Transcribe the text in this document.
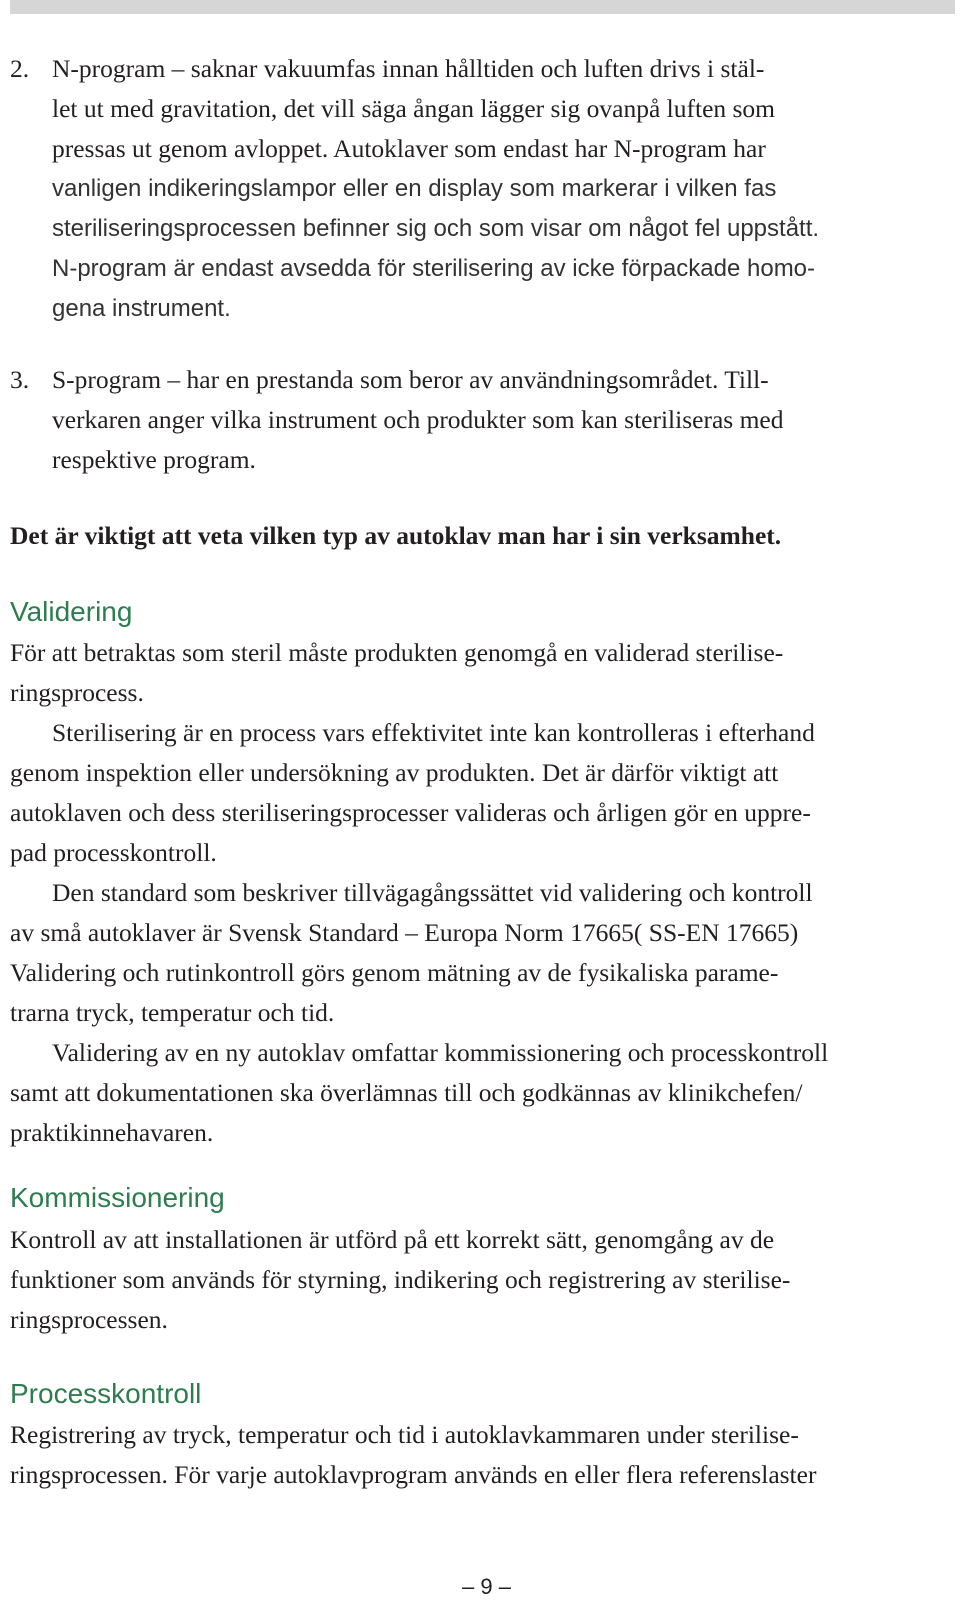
2. N-program – saknar vakuumfas innan hålltiden och luften drivs i stäl-
let ut med gravitation, det vill säga ångan lägger sig ovanpå luften som
pressas ut genom avloppet. Autoklaver som endast har N-program har
vanligen indikeringslampor eller en display som markerar i vilken fas
steriliseringsprocessen befinner sig och som visar om något fel uppstått.
N-program är endast avsedda för sterilisering av icke förpackade homo-
gena instrument.
3. S-program – har en prestanda som beror av användningsområdet. Till-
verkaren anger vilka instrument och produkter som kan steriliseras med
respektive program.
Det är viktigt att veta vilken typ av autoklav man har i sin verksamhet.
Validering
För att betraktas som steril måste produkten genomgå en validerad sterilise-
ringsprocess.
Sterilisering är en process vars effektivitet inte kan kontrolleras i efterhand
genom inspektion eller undersökning av produkten. Det är därför viktigt att
autoklaven och dess steriliseringsprocesser valideras och årligen gör en uppre-
pad processkontroll.
Den standard som beskriver tillvägagångssättet vid validering och kontroll
av små autoklaver är Svensk Standard – Europa Norm 17665( SS-EN 17665)
Validering och rutinkontroll görs genom mätning av de fysikaliska parame-
trarna tryck, temperatur och tid.
Validering av en ny autoklav omfattar kommissionering och processkontroll
samt att dokumentationen ska överlämnas till och godkännas av klinikchefen/
praktikinnehavaren.
Kommissionering
Kontroll av att installationen är utförd på ett korrekt sätt, genomgång av de
funktioner som används för styrning, indikering och registrering av sterilise-
ringsprocessen.
Processkontroll
Registrering av tryck, temperatur och tid i autoklavkammaren under sterilise-
ringsprocessen. För varje autoklavprogram används en eller flera referenslaster
– 9 –
